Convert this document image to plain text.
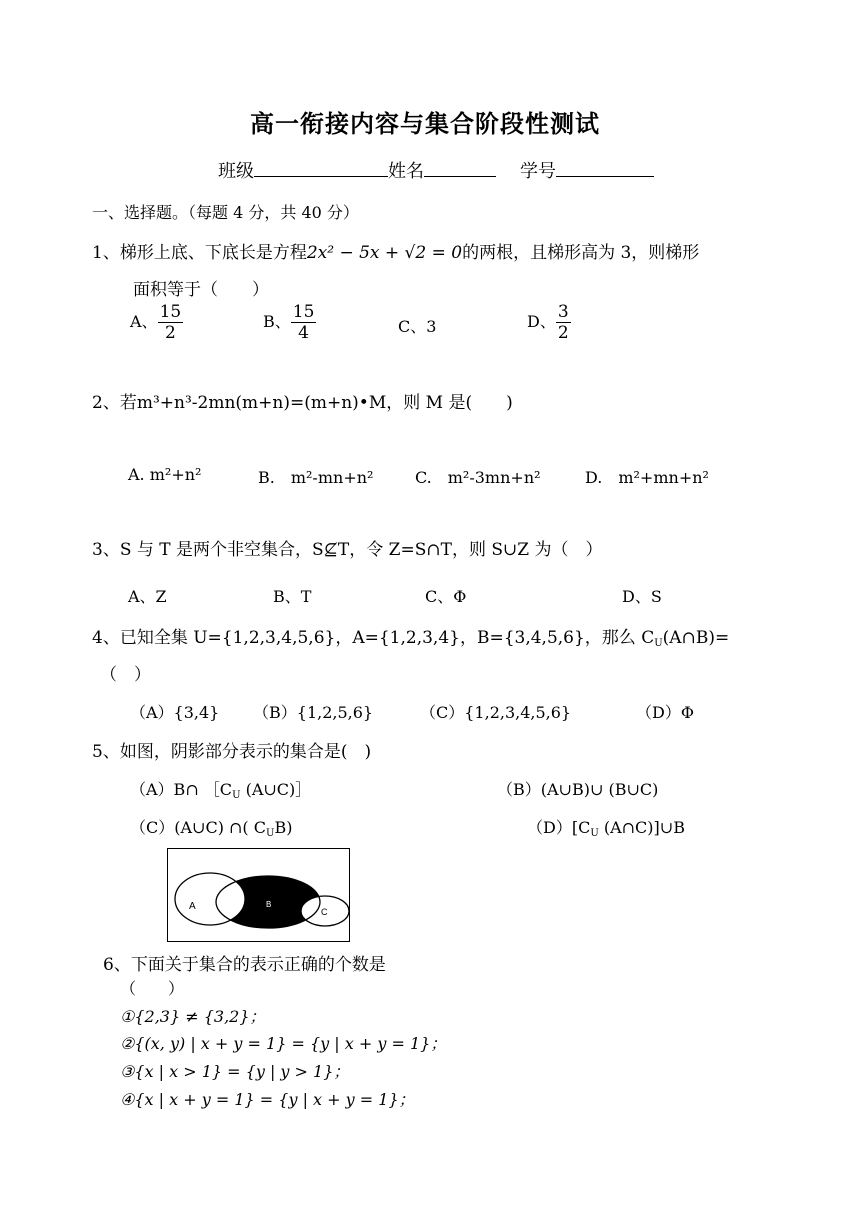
高一衔接内容与集合阶段性测试
班级	姓名	学号
一、选择题。（每题 4 分，共 40 分）
1、梯形上底、下底长是方程2x² − 5x + √2 = 0的两根，且梯形高为 3，则梯形
面积等于（　　）
A、 $\frac{15}{2}$	B、 $\frac{15}{4}$	C、3	D、 $\frac{3}{2}$
2、若m³+n³-2mn(m+n)=(m+n)•M，则 M 是(　　)
A. m²+n²	B.　m²-mn+n²	C.　m²-3mn+n²	D.　m²+mn+n²
3、S 与 T 是两个非空集合，S⊈T，令 Z=S∩T，则 S∪Z 为（　）
A、Z	B、T	C、Φ	D、S
4、已知全集 U={1,2,3,4,5,6}，A={1,2,3,4}，B={3,4,5,6}，那么 $C_U(A\cap B)=$
（　）
（A）{3,4} （B）{1,2,5,6}	（C）{1,2,3,4,5,6}	（D）Φ
5、如图，阴影部分表示的集合是(　)
（A）B∩ $[C_U$ (A∪C)］	（B）(A∪B)∪ (B∪C)
（C）(A∪C) ∩( $C_UB$)	$(D)[C_U$ (A∩C)]∪B
A	B
C
6、下面关于集合的表示正确的个数是
（　　）
①{2,3} ≠ {3,2}；
②{(x, y) | x + y = 1} = {y | x + y = 1}；
③{x | x > 1} = {y | y > 1}；
④{x | x + y = 1} = {y | x + y = 1}；
